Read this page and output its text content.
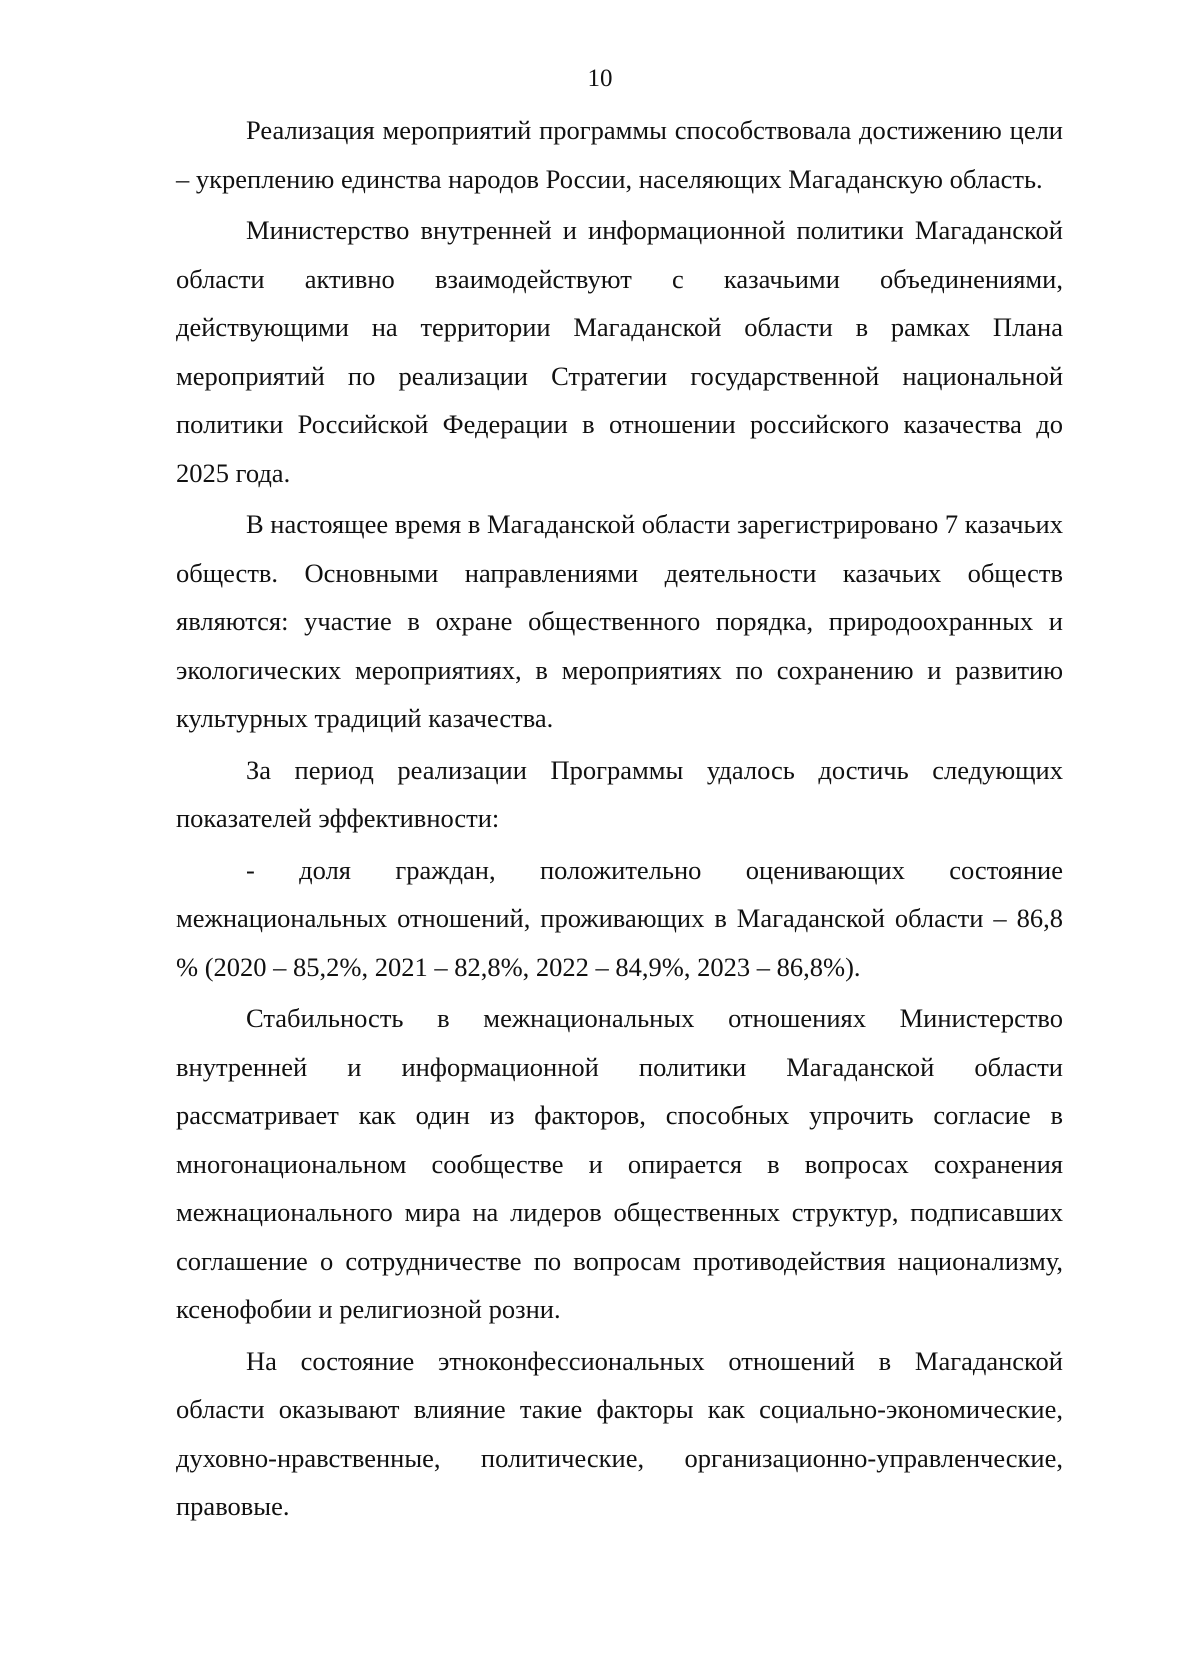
10

Реализация мероприятий программы способствовала достижению цели – укреплению единства народов России, населяющих Магаданскую область.

Министерство внутренней и информационной политики Магаданской области активно взаимодействуют с казачьими объединениями, действующими на территории Магаданской области в рамках Плана мероприятий по реализации Стратегии государственной национальной политики Российской Федерации в отношении российского казачества до 2025 года.

В настоящее время в Магаданской области зарегистрировано 7 казачьих обществ. Основными направлениями деятельности казачьих обществ являются: участие в охране общественного порядка, природоохранных и экологических мероприятиях, в мероприятиях по сохранению и развитию культурных традиций казачества.

За период реализации Программы удалось достичь следующих показателей эффективности:

- доля граждан, положительно оценивающих состояние межнациональных отношений, проживающих в Магаданской области – 86,8 % (2020 – 85,2%, 2021 – 82,8%, 2022 – 84,9%, 2023 – 86,8%).

Стабильность в межнациональных отношениях Министерство внутренней и информационной политики Магаданской области рассматривает как один из факторов, способных упрочить согласие в многонациональном сообществе и опирается в вопросах сохранения межнационального мира на лидеров общественных структур, подписавших соглашение о сотрудничестве по вопросам противодействия национализму, ксенофобии и религиозной розни.

На состояние этноконфессиональных отношений в Магаданской области оказывают влияние такие факторы как социально-экономические, духовно-нравственные, политические, организационно-управленческие, правовые.
